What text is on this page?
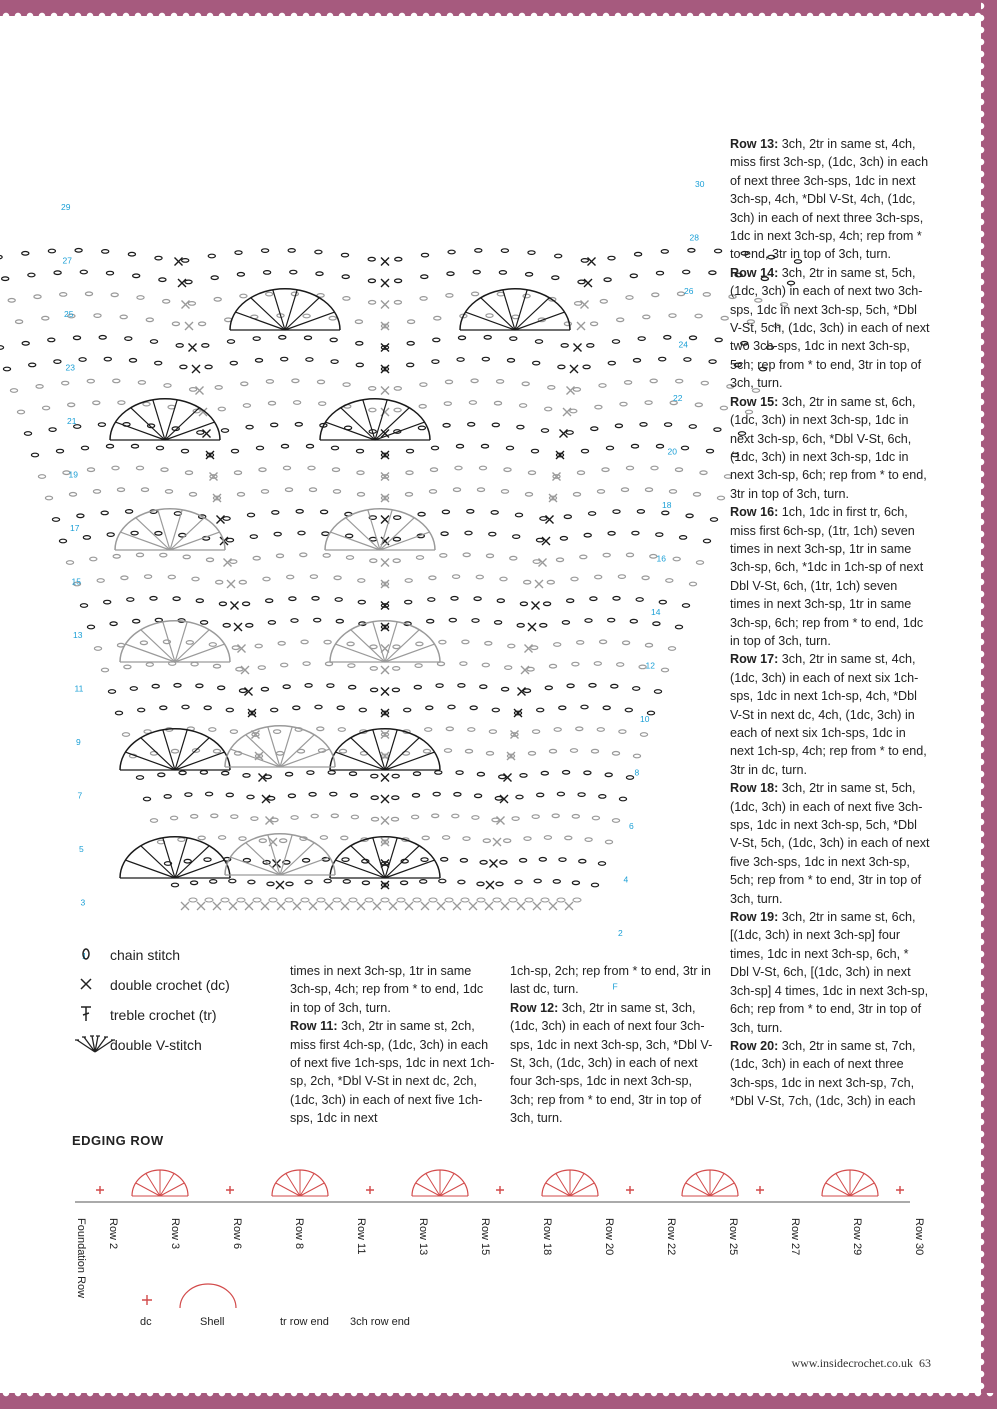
29
27
25
23
21
19
17
15
13
11
9
7
5
3
1
30
28
26
24
22
20
18
16
14
12
10
8
6
4
2
F
chain stitch
double crochet (dc)
treble crochet (tr)
double V-stitch

times in next 3ch-sp, 1tr in same 3ch-sp, 4ch; rep from * to end, 1dc in top of 3ch, turn.

Row 11: 3ch, 2tr in same st, 2ch, miss first 4ch-sp, (1dc, 3ch) in each of next five 1ch-sps, 1dc in next 1ch-sp, 2ch, *Dbl V-St in next dc, 2ch, (1dc, 3ch) in each of next five 1ch-sps, 1dc in next

1ch-sp, 2ch; rep from * to end, 3tr in last dc, turn.

Row 12: 3ch, 2tr in same st, 3ch, (1dc, 3ch) in each of next four 3ch-sps, 1dc in next 3ch-sp, 3ch, *Dbl V-St, 3ch, (1dc, 3ch) in each of next four 3ch-sps, 1dc in next 3ch-sp, 3ch; rep from * to end, 3tr in top of 3ch, turn.

Row 13: 3ch, 2tr in same st, 4ch, miss first 3ch-sp, (1dc, 3ch) in each of next three 3ch-sps, 1dc in next 3ch-sp, 4ch, *Dbl V-St, 4ch, (1dc, 3ch) in each of next three 3ch-sps, 1dc in next 3ch-sp, 4ch; rep from * to end, 3tr in top of 3ch, turn.

Row 14: 3ch, 2tr in same st, 5ch, (1dc, 3ch) in each of next two 3ch-sps, 1dc in next 3ch-sp, 5ch, *Dbl V-St, 5ch, (1dc, 3ch) in each of next two 3ch-sps, 1dc in next 3ch-sp, 5ch; rep from * to end, 3tr in top of 3ch, turn.

Row 15: 3ch, 2tr in same st, 6ch, (1dc, 3ch) in next 3ch-sp, 1dc in next 3ch-sp, 6ch, *Dbl V-St, 6ch, (1dc, 3ch) in next 3ch-sp, 1dc in next 3ch-sp, 6ch; rep from * to end, 3tr in top of 3ch, turn.

Row 16: 1ch, 1dc in first tr, 6ch, miss first 6ch-sp, (1tr, 1ch) seven times in next 3ch-sp, 1tr in same 3ch-sp, 6ch, *1dc in 1ch-sp of next Dbl V-St, 6ch, (1tr, 1ch) seven times in next 3ch-sp, 1tr in same 3ch-sp, 6ch; rep from * to end, 1dc in top of 3ch, turn.

Row 17: 3ch, 2tr in same st, 4ch, (1dc, 3ch) in each of next six 1ch-sps, 1dc in next 1ch-sp, 4ch, *Dbl V-St in next dc, 4ch, (1dc, 3ch) in each of next six 1ch-sps, 1dc in next 1ch-sp, 4ch; rep from * to end, 3tr in dc, turn.

Row 18: 3ch, 2tr in same st, 5ch, (1dc, 3ch) in each of next five 3ch-sps, 1dc in next 3ch-sp, 5ch, *Dbl V-St, 5ch, (1dc, 3ch) in each of next five 3ch-sps, 1dc in next 3ch-sp, 5ch; rep from * to end, 3tr in top of 3ch, turn.

Row 19: 3ch, 2tr in same st, 6ch, [(1dc, 3ch) in next 3ch-sp] four times, 1dc in next 3ch-sp, 6ch, * Dbl V-St, 6ch, [(1dc, 3ch) in next 3ch-sp] 4 times, 1dc in next 3ch-sp, 6ch; rep from * to end, 3tr in top of 3ch, turn.

Row 20: 3ch, 2tr in same st, 7ch, (1dc, 3ch) in each of next three 3ch-sps, 1dc in next 3ch-sp, 7ch, *Dbl V-St, 7ch, (1dc, 3ch) in each

EDGING ROW
Foundation Row Row 2	Row 3	Row 6	Row 8	Row 11	Row 13	Row 15	Row 18	Row 20	Row 22	Row 25	Row 27	Row 29	Row 30
dc	Shell	tr row end 3ch row end
www.insidecrochet.co.uk 63
